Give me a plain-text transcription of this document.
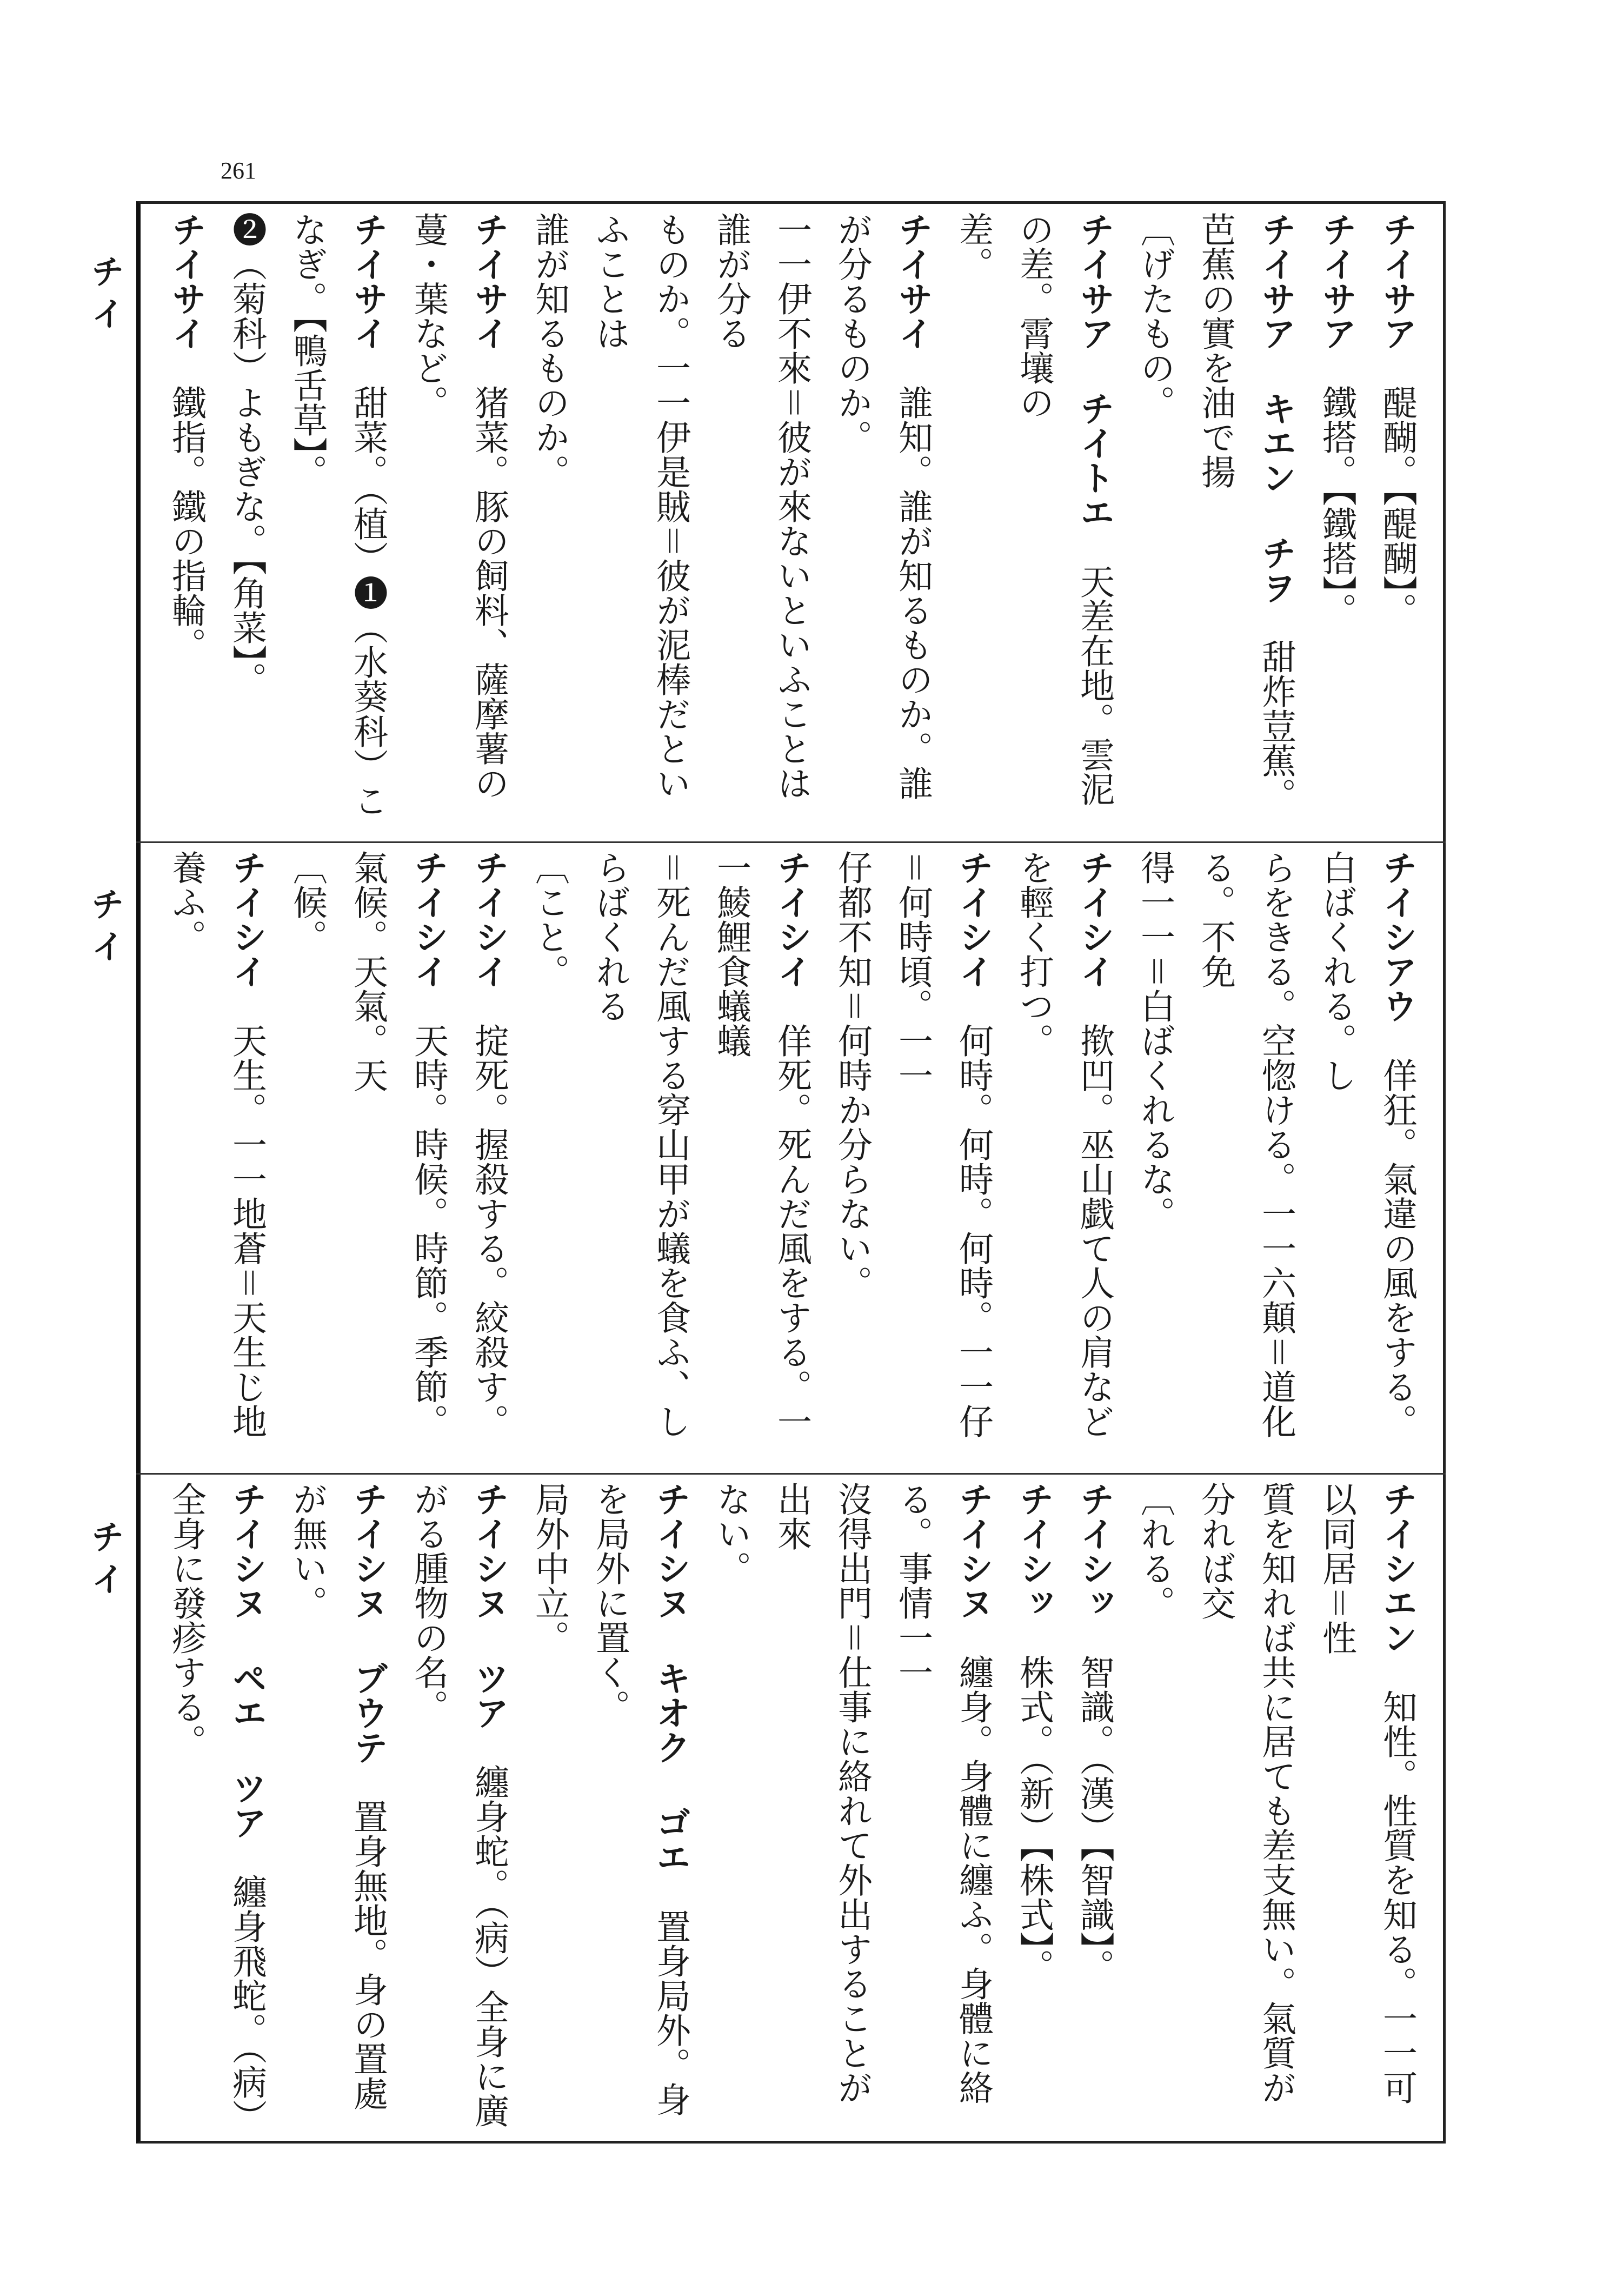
261
チイ
チイ
チイ
チイサア　醍醐。【醍醐】。
チイサア　鐵搭。【鐵搭】。
チイサア キエン チヲ　甜炸荳蕉。芭蕉の實を油で揚
〔げたもの。
チイサア チイトエ　天差在地。雲泥の差。霄壤の
差。
チイサイ　誰知。誰が知るものか。誰が分るものか。
一一伊不來＝彼が來ないといふことは誰が分る
ものか。一一伊是賊＝彼が泥棒だといふことは
誰が知るものか。
チイサイ　猪菜。豚の飼料、薩摩薯の蔓・葉など。
チイサイ　甜菜。（植）❶（水葵科）こなぎ。【鴨舌草】。
❷（菊科）よもぎな。【角菜】。
チイサイ　鐵指。鐵の指輪。

チイシアウ　佯狂。氣違の風をする。白ばくれる。し
らをきる。空惚ける。一一六顛＝道化る。不免
得一一＝白ばくれるな。
チイシイ　揿凹。巫山戯て人の肩などを輕く打つ。
チイシイ　何時。何時。何時。一一仔＝何時頃。一一
仔都不知＝何時か分らない。
チイシイ　佯死。死んだ風をする。一一鯪鯉食蟻蟻
＝死んだ風する穿山甲が蟻を食ふ、しらばくれる
〔こと。
チイシイ　掟死。握殺する。絞殺す。
チイシイ　天時。時候。時節。季節。氣候。天氣。天
〔候。
チイシイ　天生。一一地蒼＝天生じ地養ふ。

チイシエン　知性。性質を知る。一一可以同居＝性
質を知れば共に居ても差支無い。氣質が分れば交
〔れる。
チイシッ　智識。（漢）【智識】。
チイシッ　株式。（新）【株式】。
チイシヌ　纏身。身體に纏ふ。身體に絡る。事情一一
沒得出門＝仕事に絡れて外出することが出來
ない。
チイシヌ キオク ゴエ　置身局外。身を局外に置く。
局外中立。
チイシヌ ツア　纏身蛇。（病）全身に廣がる腫物の名。
チイシヌ ブウテ　置身無地。身の置處が無い。
チイシヌ ペエ ツア　纏身飛蛇。（病）全身に發疹する。
